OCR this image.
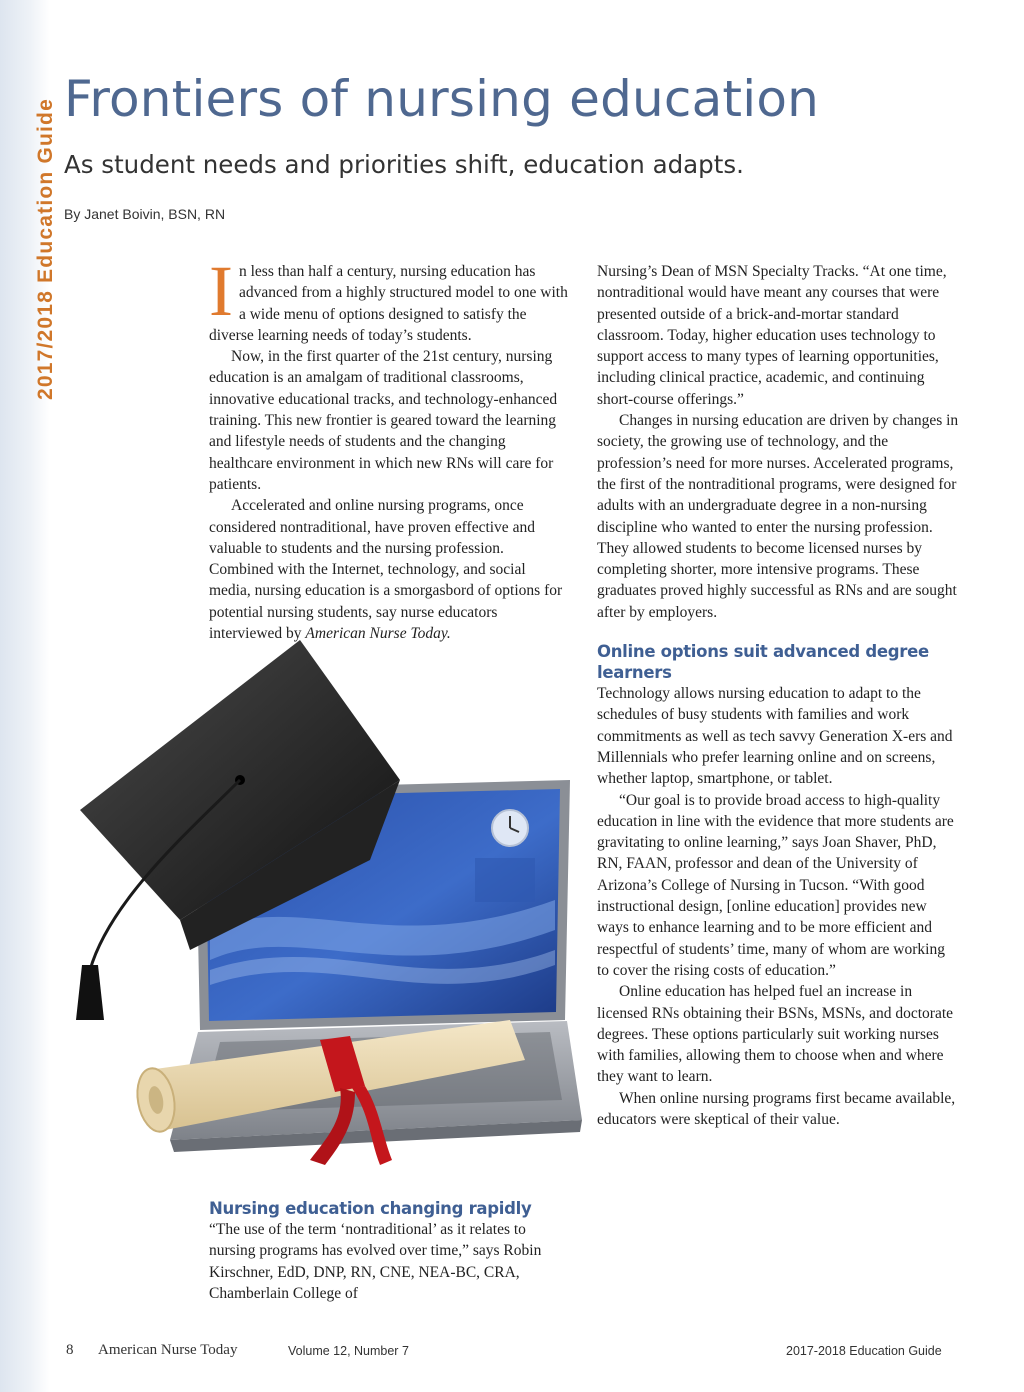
2017/2018 Education Guide Frontiers of nursing education
As student needs and priorities shift, education adapts.
By Janet Boivin, BSN, RN

In less than half a century, nursing education has advanced from a highly structured model to one with a wide menu of options designed to satisfy the diverse learning needs of today’s students.

Now, in the first quarter of the 21st century, nursing education is an amalgam of traditional classrooms, innovative educational tracks, and technology-enhanced training. This new frontier is geared toward the learning and lifestyle needs of students and the changing healthcare environment in which new RNs will care for patients.

Accelerated and online nursing programs, once considered nontraditional, have proven effective and valuable to students and the nursing profession. Combined with the Internet, technology, and social media, nursing education is a smorgasbord of options for potential nursing students, say nurse educators interviewed by American Nurse Today.

Nursing education changing rapidly

“The use of the term ‘nontraditional’ as it relates to nursing programs has evolved over time,” says Robin Kirschner, EdD, DNP, RN, CNE, NEA-BC, CRA, Chamberlain College of

Nursing’s Dean of MSN Specialty Tracks. “At one time, nontraditional would have meant any courses that were presented outside of a brick-and-mortar standard classroom. Today, higher education uses technology to support access to many types of learning opportunities, including clinical practice, academic, and continuing short-course offerings.”

Changes in nursing education are driven by changes in society, the growing use of technology, and the profession’s need for more nurses. Accelerated programs, the first of the nontraditional programs, were designed for adults with an undergraduate degree in a non-nursing discipline who wanted to enter the nursing profession. They allowed students to become licensed nurses by completing shorter, more intensive programs. These graduates proved highly successful as RNs and are sought after by employers.

Online options suit advanced degree learners

Technology allows nursing education to adapt to the schedules of busy students with families and work commitments as well as tech savvy Generation X-ers and Millennials who prefer learning online and on screens, whether laptop, smartphone, or tablet.

“Our goal is to provide broad access to high-quality education in line with the evidence that more students are gravitating to online learning,” says Joan Shaver, PhD, RN, FAAN, professor and dean of the University of Arizona’s College of Nursing in Tucson. “With good instructional design, [online education] provides new ways to enhance learning and to be more efficient and respectful of students’ time, many of whom are working to cover the rising costs of education.”

Online education has helped fuel an increase in licensed RNs obtaining their BSNs, MSNs, and doctorate degrees. These options particularly suit working nurses with families, allowing them to choose when and where they want to learn.

When online nursing programs first became available, educators were skeptical of their value.

8 American Nurse Today	Volume 12, Number 7	2017-2018 Education Guide
